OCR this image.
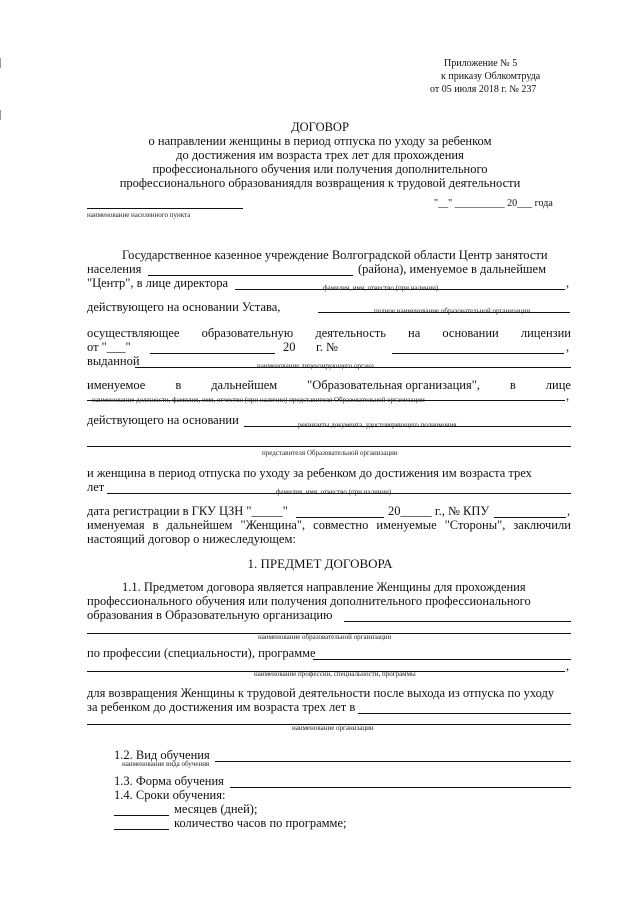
Приложение № 5
к приказу Облкомтруда
от 05 июля 2018 г. № 237
ДОГОВОР
о направлении женщины в период отпуска по уходу за ребенком
до достижения им возраста трех лет для прохождения
профессионального обучения или получения дополнительного
профессионального образованиядля возвращения к трудовой деятельности
"__" __________ 20___ года
наименование населенного пункта
Государственное казенное учреждение Волгоградской области Центр занятости
населения	(района), именуемое в дальнейшем
"Центр", в лице директора	,
фамилия, имя, отчество (при наличии)
действующего на основании Устава,	полное наименование образовательной организации
осуществляющее образовательную деятельность на основании лицензии
от "___"	20 г. №	,
выданной	наименование лицензирующего органа
именуемое в дальнейшем "Образовательная организация", в лице
,
наименование должности, фамилия, имя, отчество (при наличии) представителя Образовательной организации
действующего на основании	реквизиты документа, удостоверяющего полномочия
представителя Образовательной организации
и женщина в период отпуска по уходу за ребенком до достижения им возраста трех
лет	фамилия, имя, отчество (при наличии)
дата регистрации в ГКУ ЦЗН "_____"	20_____ г., № КПУ	,
именуемая в дальнейшем "Женщина", совместно именуемые "Стороны", заключили
настоящий договор о нижеследующем:
1. ПРЕДМЕТ ДОГОВОРА
1.1. Предметом договора является направление Женщины для прохождения
профессионального обучения или получения дополнительного профессионального
образования в Образовательную организацию
наименование образовательной организации
по профессии (специальности), программе
,
наименование профессии, специальности, программы
для возвращения Женщины к трудовой деятельности после выхода из отпуска по уходу
за ребенком до достижения им возраста трех лет в
наименование организации
1.2. Вид обучения
наименование вида обучения
1.3. Форма обучения
1.4. Сроки обучения:
месяцев (дней);
количество часов по программе;
